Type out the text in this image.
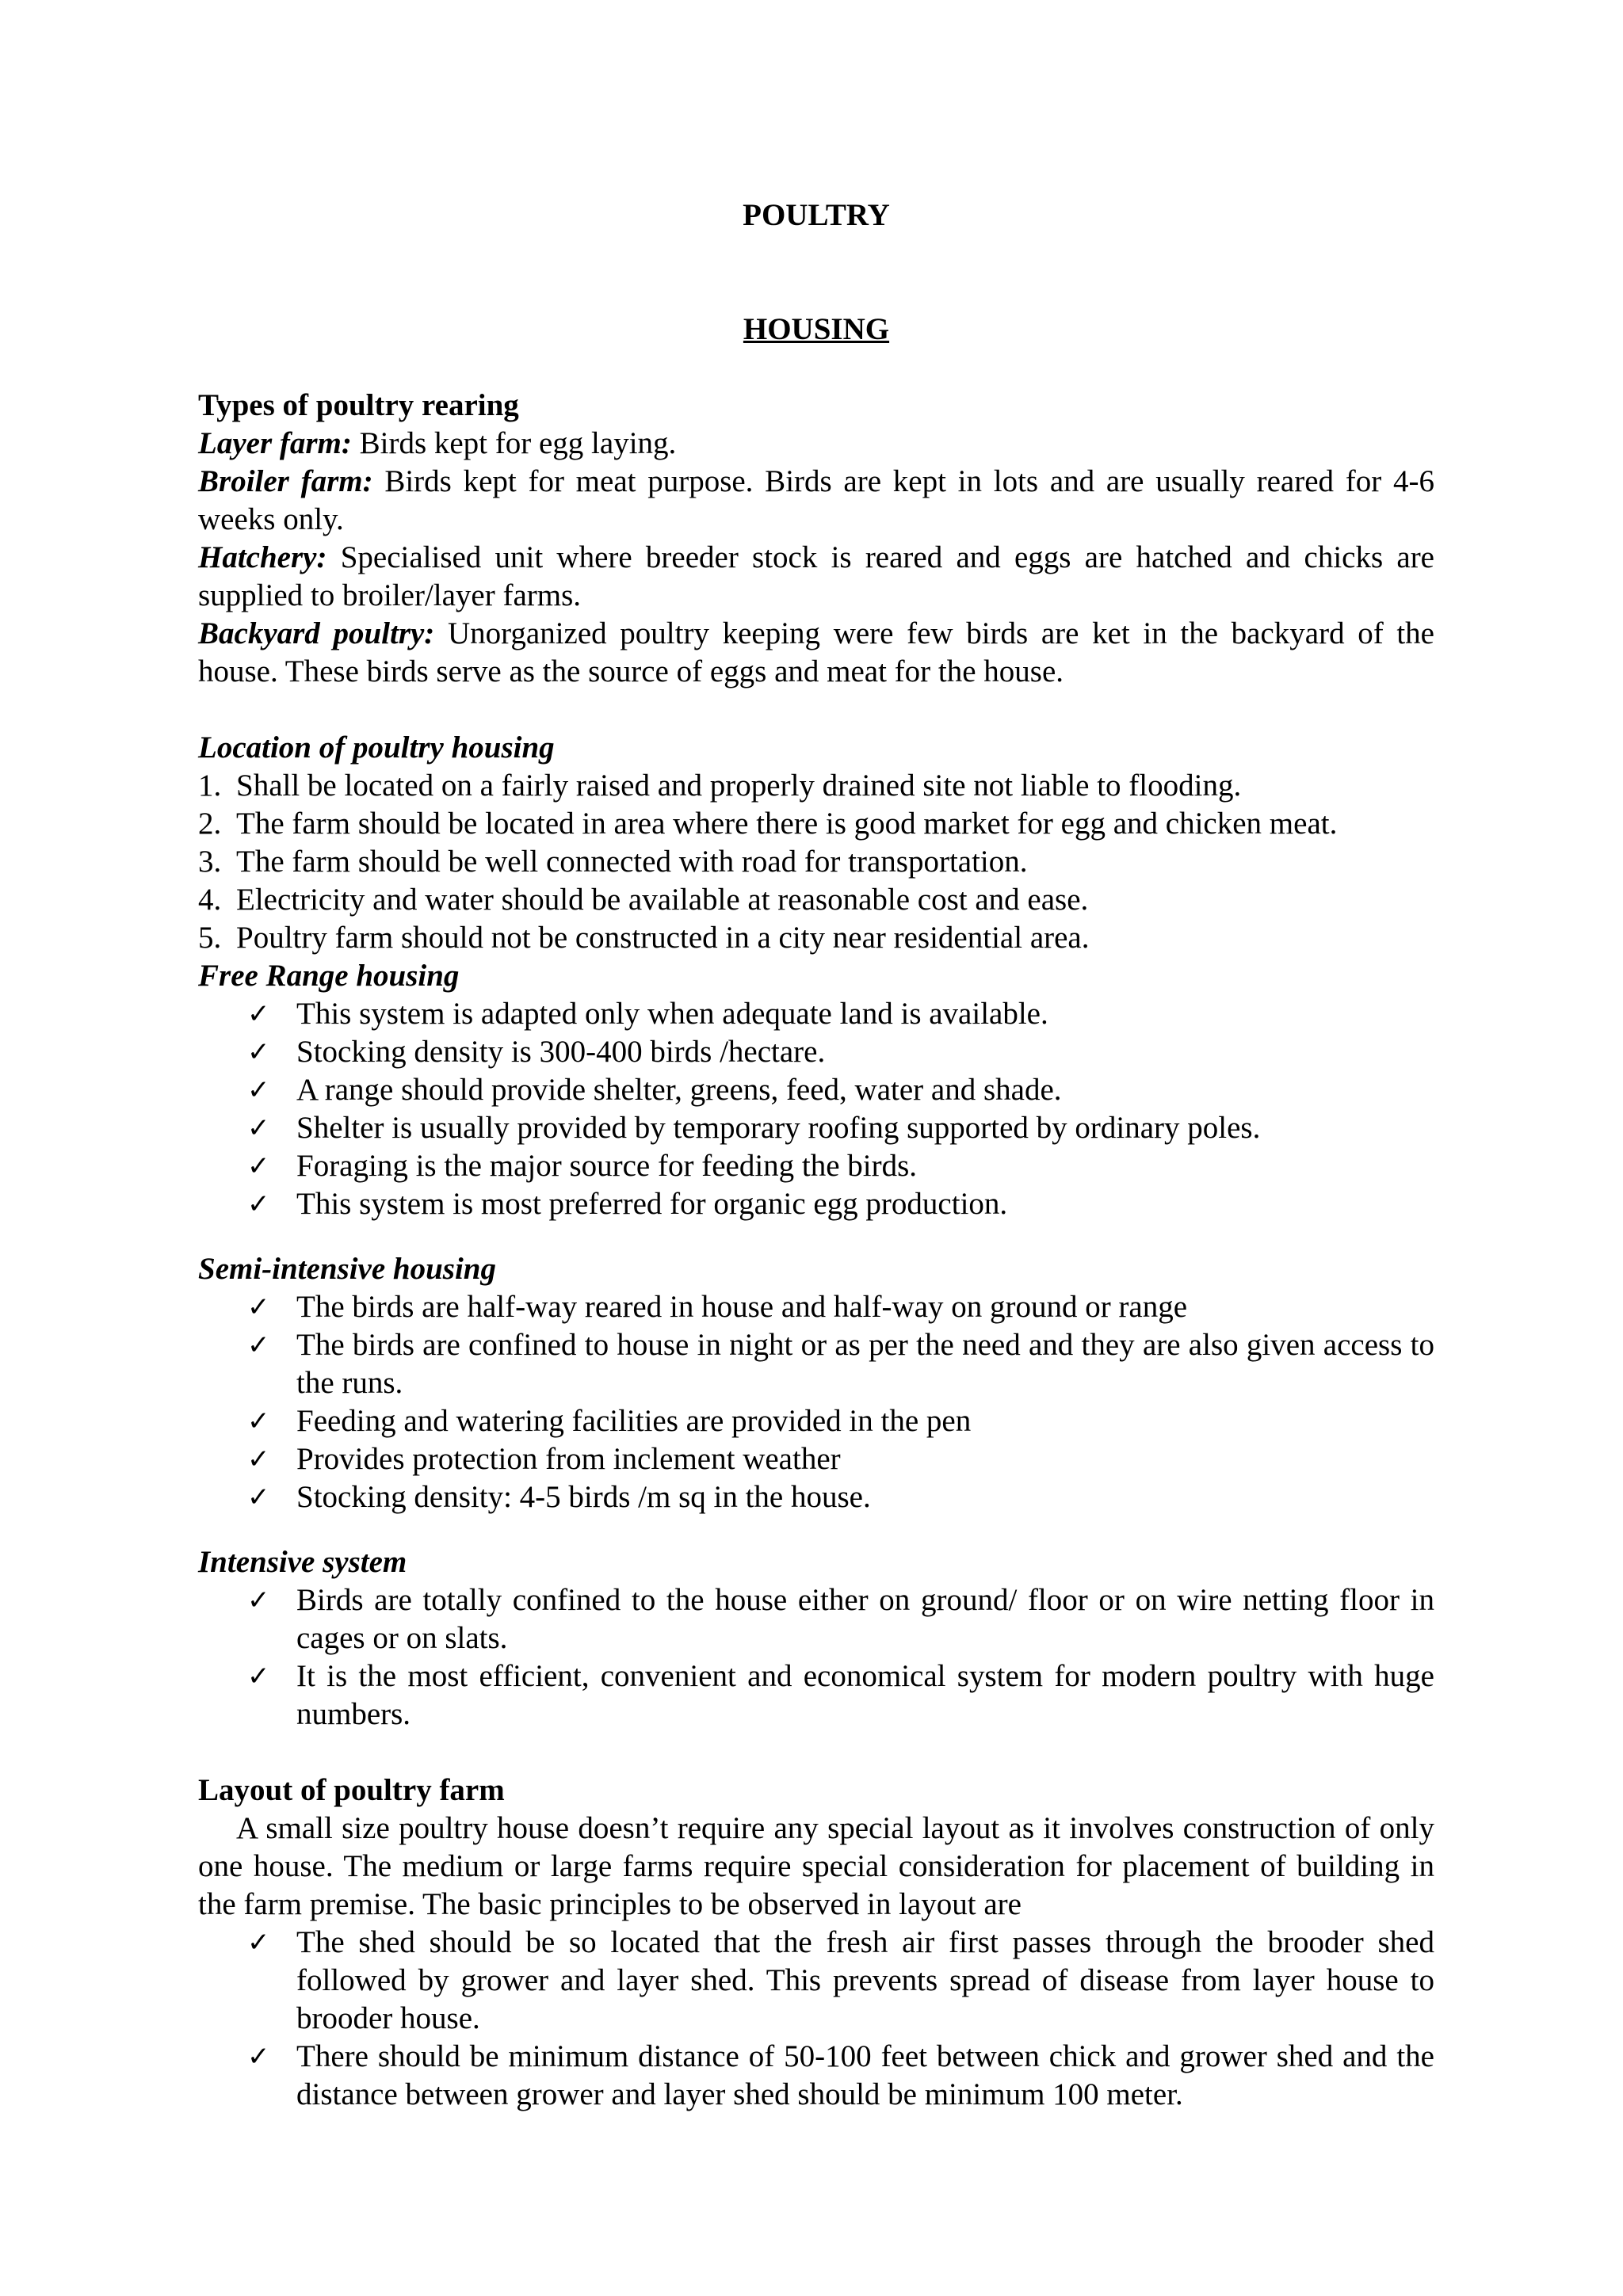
POULTRY
HOUSING

Types of poultry rearing

Layer farm: Birds kept for egg laying.

Broiler farm: Birds kept for meat purpose. Birds are kept in lots and are usually reared for 4-6 weeks only.

Hatchery: Specialised unit where breeder stock is reared and eggs are hatched and chicks are supplied to broiler/layer farms.

Backyard poultry: Unorganized poultry keeping were few birds are ket in the backyard of the house. These birds serve as the source of eggs and meat for the house.

Location of poultry housing

1. Shall be located on a fairly raised and properly drained site not liable to flooding.
2. The farm should be located in area where there is good market for egg and chicken meat.
3. The farm should be well connected with road for transportation.
4. Electricity and water should be available at reasonable cost and ease.
5. Poultry farm should not be constructed in a city near residential area.

Free Range housing

✓ This system is adapted only when adequate land is available.
✓ Stocking density is 300-400 birds /hectare.
✓ A range should provide shelter, greens, feed, water and shade.
✓ Shelter is usually provided by temporary roofing supported by ordinary poles.
✓ Foraging is the major source for feeding the birds.
✓ This system is most preferred for organic egg production.

Semi-intensive housing

✓ The birds are half-way reared in house and half-way on ground or range
✓ The birds are confined to house in night or as per the need and they are also given access to the runs.
✓ Feeding and watering facilities are provided in the pen
✓ Provides protection from inclement weather
✓ Stocking density: 4-5 birds /m sq in the house.

Intensive system

✓ Birds are totally confined to the house either on ground/ floor or on wire netting floor in cages or on slats.
✓ It is the most efficient, convenient and economical system for modern poultry with huge numbers.

Layout of poultry farm

A small size poultry house doesn’t require any special layout as it involves construction of only one house. The medium or large farms require special consideration for placement of building in the farm premise. The basic principles to be observed in layout are

✓ The shed should be so located that the fresh air first passes through the brooder shed followed by grower and layer shed. This prevents spread of disease from layer house to brooder house.
✓ There should be minimum distance of 50-100 feet between chick and grower shed and the distance between grower and layer shed should be minimum 100 meter.
